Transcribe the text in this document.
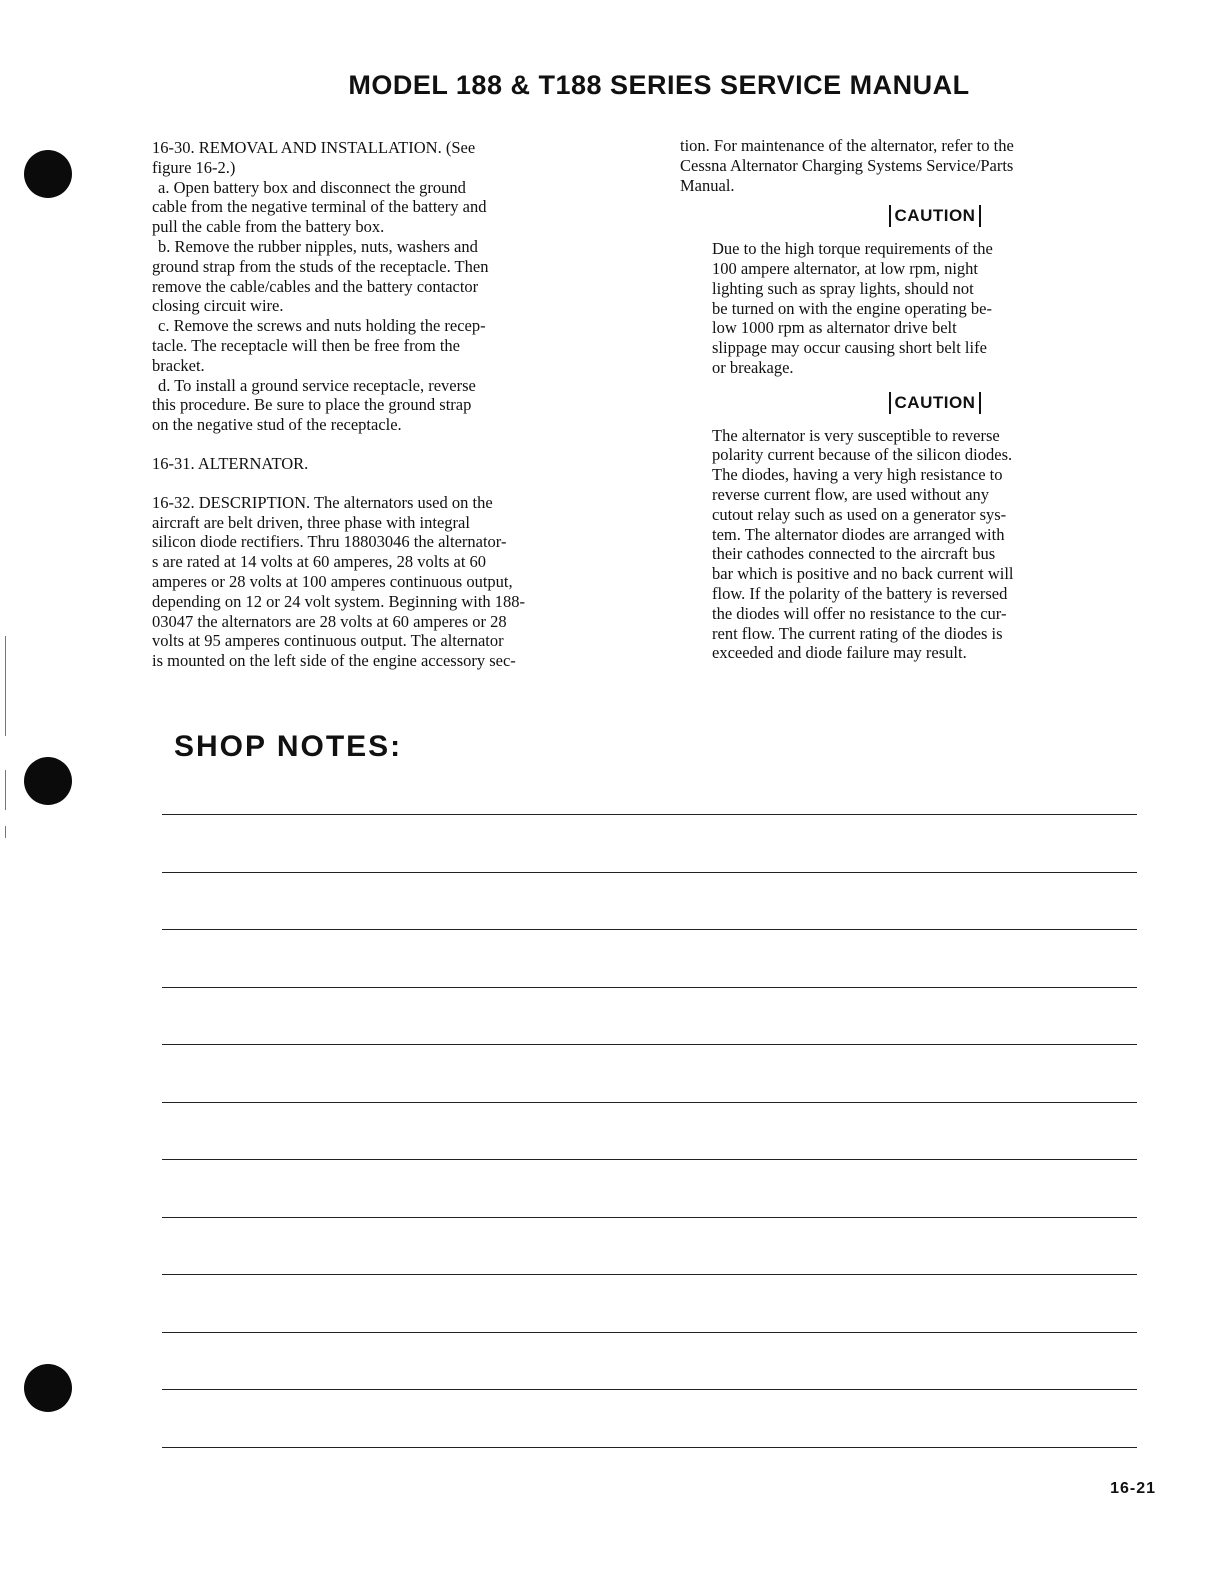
MODEL 188 & T188 SERIES SERVICE MANUAL

16-30. REMOVAL AND INSTALLATION. (See

figure 16-2.)

a. Open battery box and disconnect the ground

cable from the negative terminal of the battery and

pull the cable from the battery box.

b. Remove the rubber nipples, nuts, washers and

ground strap from the studs of the receptacle. Then

remove the cable/cables and the battery contactor

closing circuit wire.

c. Remove the screws and nuts holding the recep-

tacle. The receptacle will then be free from the

bracket.

d. To install a ground service receptacle, reverse

this procedure. Be sure to place the ground strap

on the negative stud of the receptacle.

16-31. ALTERNATOR.

16-32. DESCRIPTION. The alternators used on the

aircraft are belt driven, three phase with integral

silicon diode rectifiers. Thru 18803046 the alternator-

s are rated at 14 volts at 60 amperes, 28 volts at 60

amperes or 28 volts at 100 amperes continuous output,

depending on 12 or 24 volt system. Beginning with 188-

03047 the alternators are 28 volts at 60 amperes or 28

volts at 95 amperes continuous output. The alternator

is mounted on the left side of the engine accessory sec-

tion. For maintenance of the alternator, refer to the

Cessna Alternator Charging Systems Service/Parts

Manual.

CAUTION

Due to the high torque requirements of the

100 ampere alternator, at low rpm, night

lighting such as spray lights, should not

be turned on with the engine operating be-

low 1000 rpm as alternator drive belt

slippage may occur causing short belt life

or breakage.

CAUTION

The alternator is very susceptible to reverse

polarity current because of the silicon diodes.

The diodes, having a very high resistance to

reverse current flow, are used without any

cutout relay such as used on a generator sys-

tem. The alternator diodes are arranged with

their cathodes connected to the aircraft bus

bar which is positive and no back current will

flow. If the polarity of the battery is reversed

the diodes will offer no resistance to the cur-

rent flow. The current rating of the diodes is

exceeded and diode failure may result.

SHOP NOTES:
16-21
